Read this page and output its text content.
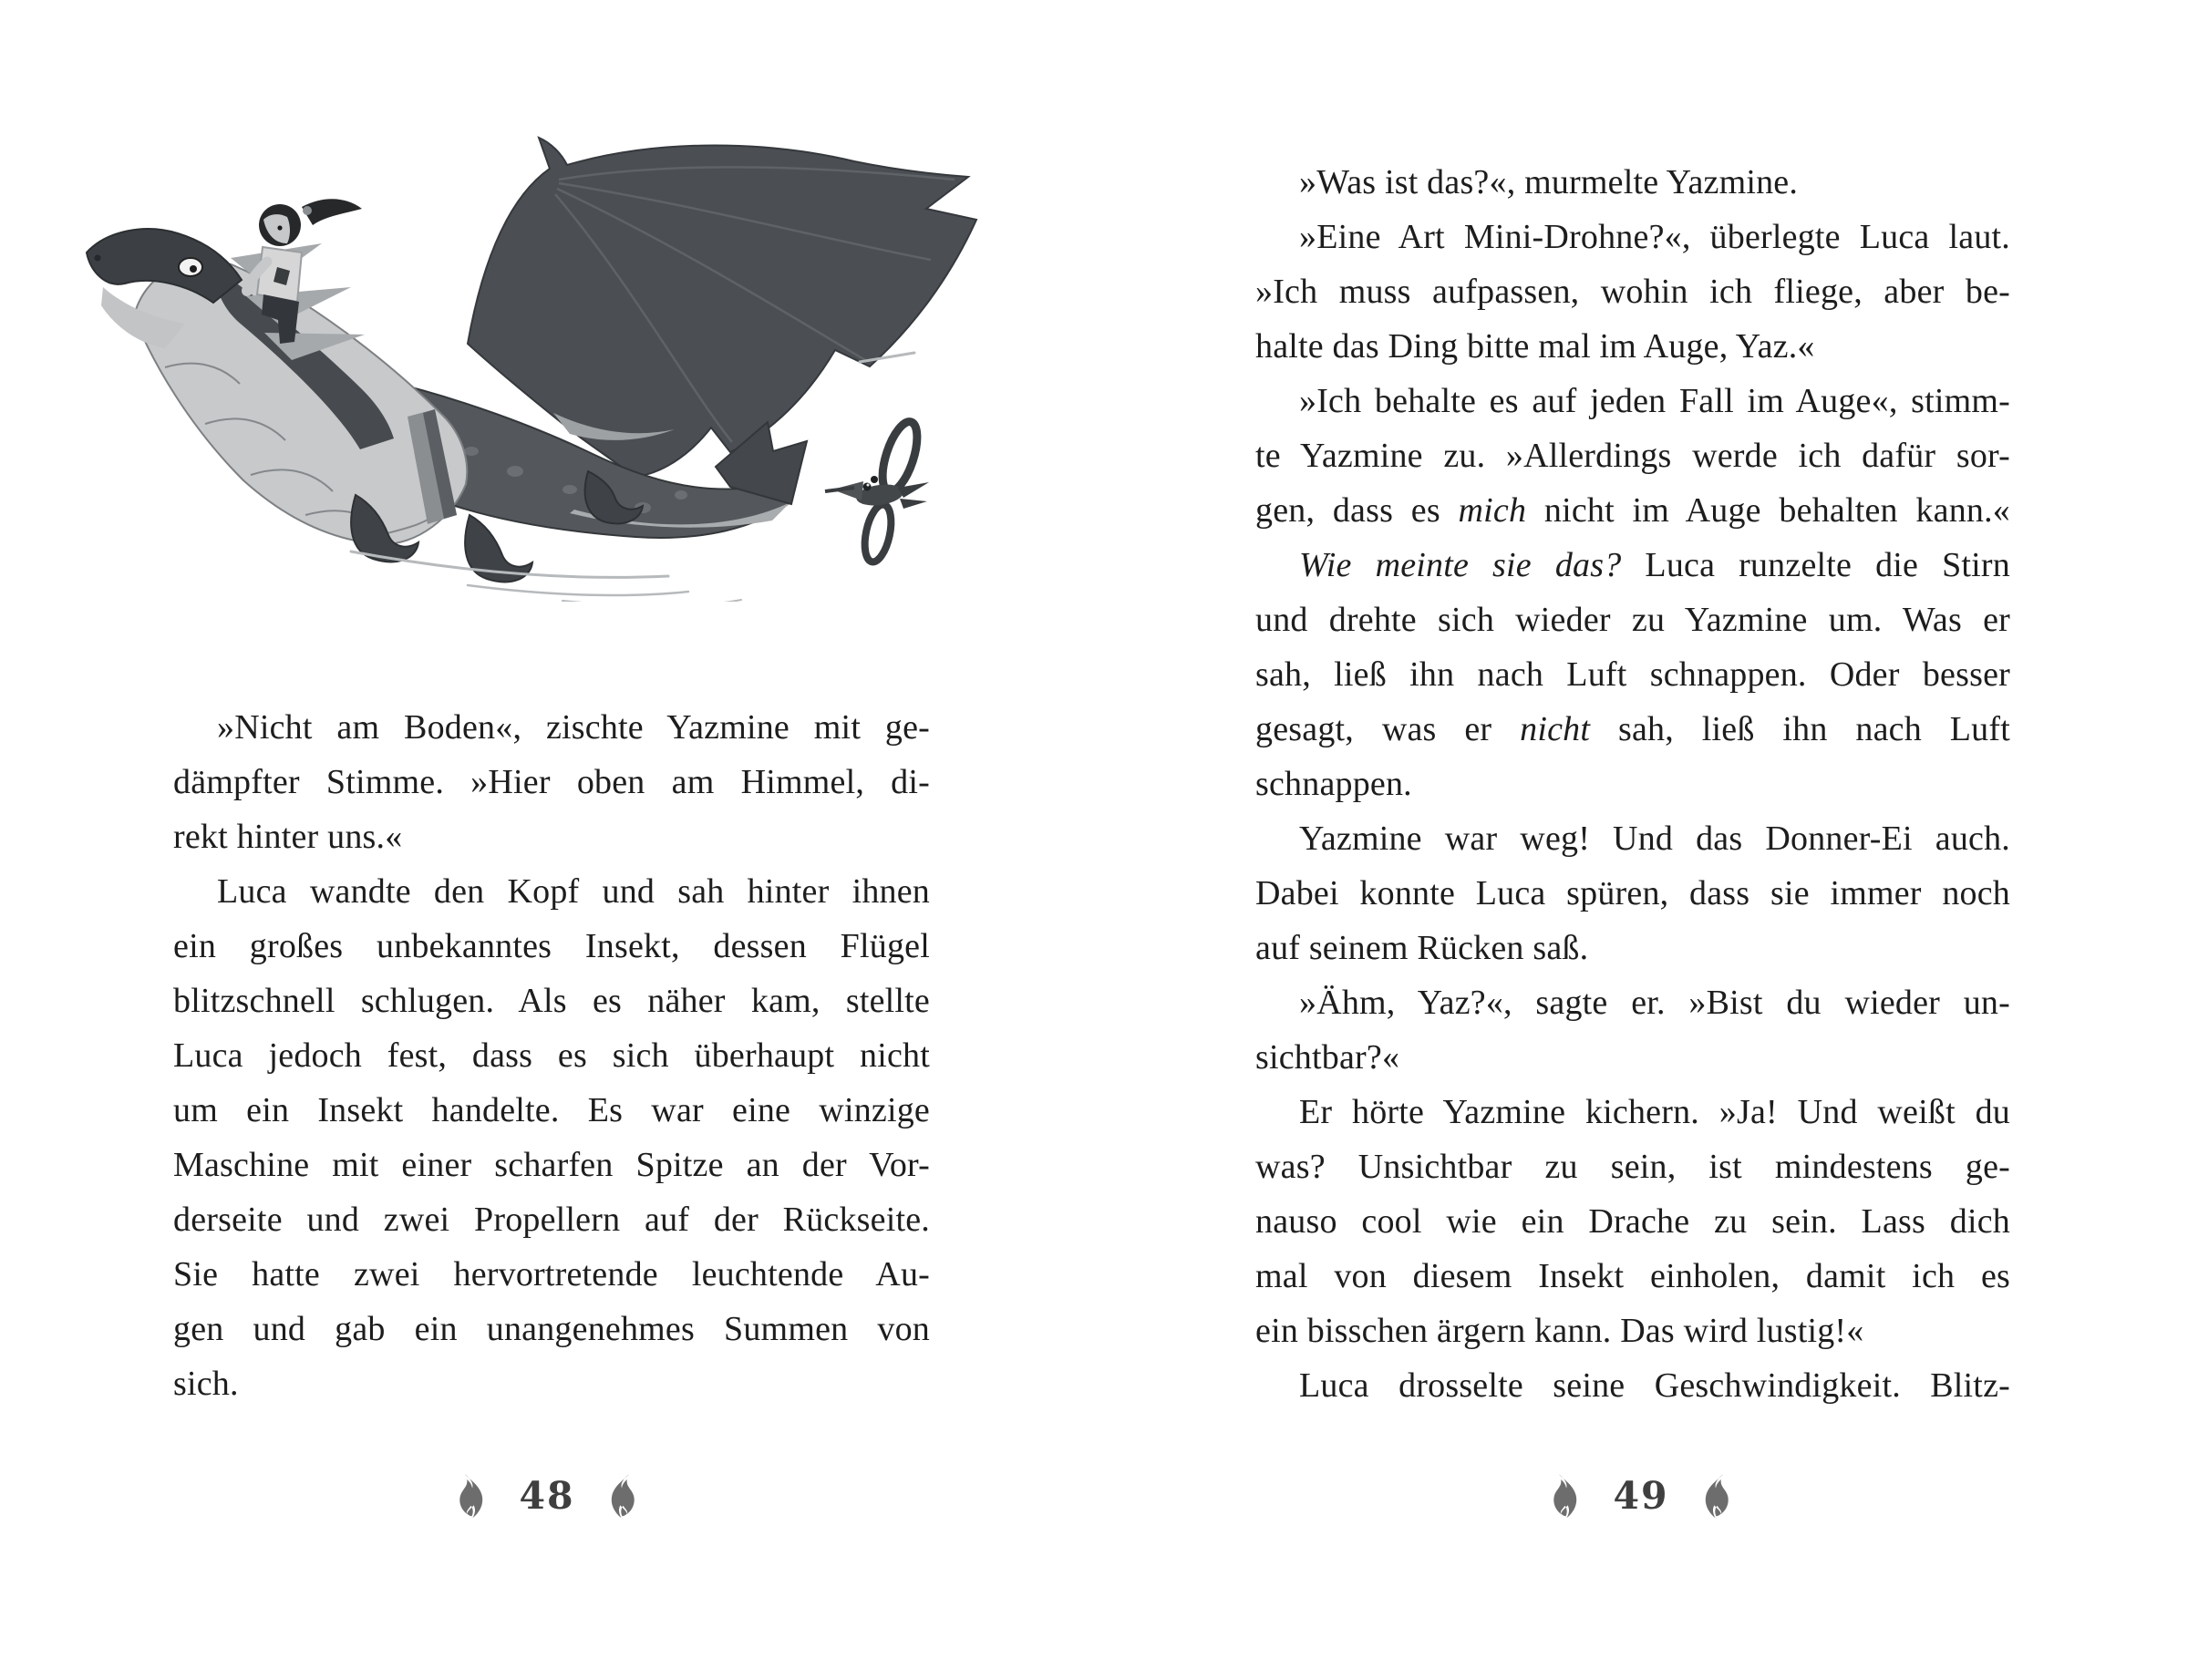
»Nicht am Boden«, zischte Yazmine mit ge-
dämpfter Stimme. »Hier oben am Himmel, di-
rekt hinter uns.«
Luca wandte den Kopf und sah hinter ihnen
ein großes unbekanntes Insekt, dessen Flügel
blitzschnell schlugen. Als es näher kam, stellte
Luca jedoch fest, dass es sich überhaupt nicht
um ein Insekt handelte. Es war eine winzige
Maschine mit einer scharfen Spitze an der Vor-
derseite und zwei Propellern auf der Rückseite.
Sie hatte zwei hervortretende leuchtende Au-
gen und gab ein unangenehmes Summen von
sich.
48
»Was ist das?«, murmelte Yazmine.
»Eine Art Mini-Drohne?«, überlegte Luca laut.
»Ich muss aufpassen, wohin ich fliege, aber be-
halte das Ding bitte mal im Auge, Yaz.«
»Ich behalte es auf jeden Fall im Auge«, stimm-
te Yazmine zu. »Allerdings werde ich dafür sor-
gen, dass es mich nicht im Auge behalten kann.«
Wie meinte sie das? Luca runzelte die Stirn
und drehte sich wieder zu Yazmine um. Was er
sah, ließ ihn nach Luft schnappen. Oder besser
gesagt, was er nicht sah, ließ ihn nach Luft
schnappen.
Yazmine war weg! Und das Donner-Ei auch.
Dabei konnte Luca spüren, dass sie immer noch
auf seinem Rücken saß.
»Ähm, Yaz?«, sagte er. »Bist du wieder un-
sichtbar?«
Er hörte Yazmine kichern. »Ja! Und weißt du
was? Unsichtbar zu sein, ist mindestens ge-
nauso cool wie ein Drache zu sein. Lass dich
mal von diesem Insekt einholen, damit ich es
ein bisschen ärgern kann. Das wird lustig!«
Luca drosselte seine Geschwindigkeit. Blitz-
49
